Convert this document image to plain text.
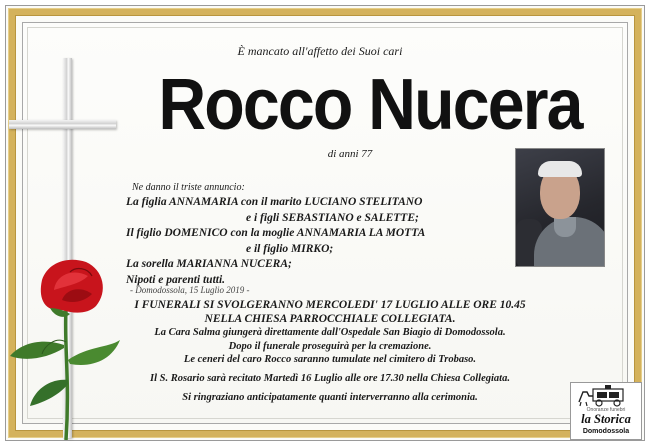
È mancato all'affetto dei Suoi cari
Rocco Nucera
di anni 77
Ne danno il triste annuncio:
La figlia ANNAMARIA con il marito LUCIANO STELITANO
e i figli SEBASTIANO e SALETTE;
Il figlio DOMENICO con la moglie ANNAMARIA LA MOTTA
e il figlio MIRKO;
La sorella MARIANNA NUCERA;
Nipoti e parenti tutti.
- Domodossola, 15 Luglio 2019 -
I FUNERALI SI SVOLGERANNO MERCOLEDI' 17 LUGLIO ALLE ORE 10.45
NELLA CHIESA PARROCCHIALE COLLEGIATA.
La Cara Salma giungerà direttamente dall'Ospedale San Biagio di Domodossola.
Dopo il funerale proseguirà per la cremazione.
Le ceneri del caro Rocco saranno tumulate nel cimitero di Trobaso.
Il S. Rosario sarà recitato Martedì 16 Luglio alle ore 17.30 nella Chiesa Collegiata.
Si ringraziano anticipatamente quanti interverranno alla cerimonia.
Onoranze funebri
la Storica
Domodossola
